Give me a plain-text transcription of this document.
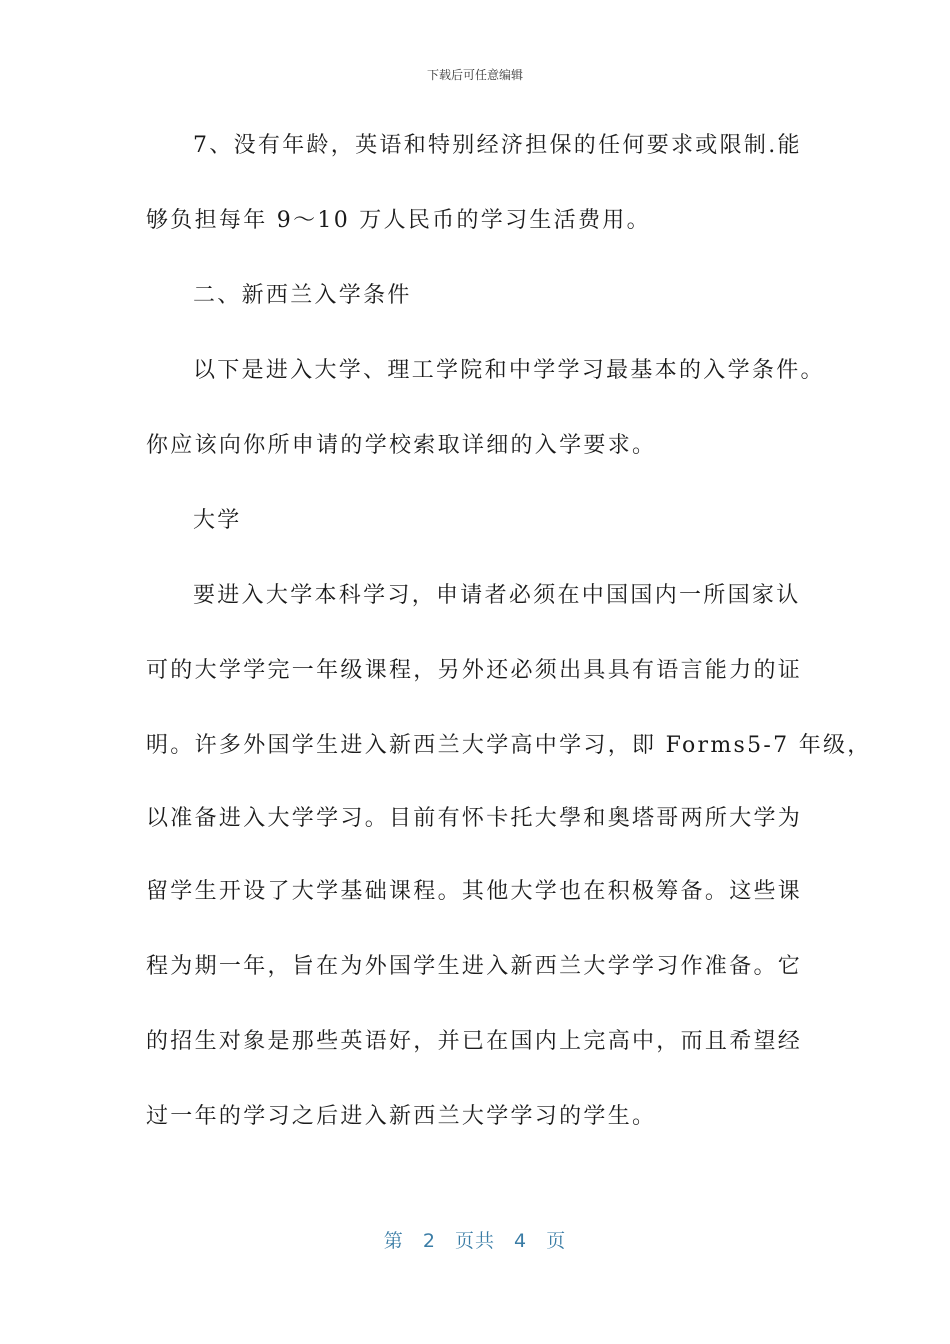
下载后可任意编辑
7、没有年龄，英语和特别经济担保的任何要求或限制.能
够负担每年 9～10 万人民币的学习生活费用。
二、新西兰入学条件
以下是进入大学、理工学院和中学学习最基本的入学条件。
你应该向你所申请的学校索取详细的入学要求。
大学
要进入大学本科学习，申请者必须在中国国内一所国家认
可的大学学完一年级课程，另外还必须出具具有语言能力的证
明。许多外国学生进入新西兰大学高中学习，即 Forms5-7 年级，
以准备进入大学学习。目前有怀卡托大學和奥塔哥两所大学为
留学生开设了大学基础课程。其他大学也在积极筹备。这些课
程为期一年，旨在为外国学生进入新西兰大学学习作准备。它
的招生对象是那些英语好，并已在国内上完高中，而且希望经
过一年的学习之后进入新西兰大学学习的学生。
第 2 页共 4 页
